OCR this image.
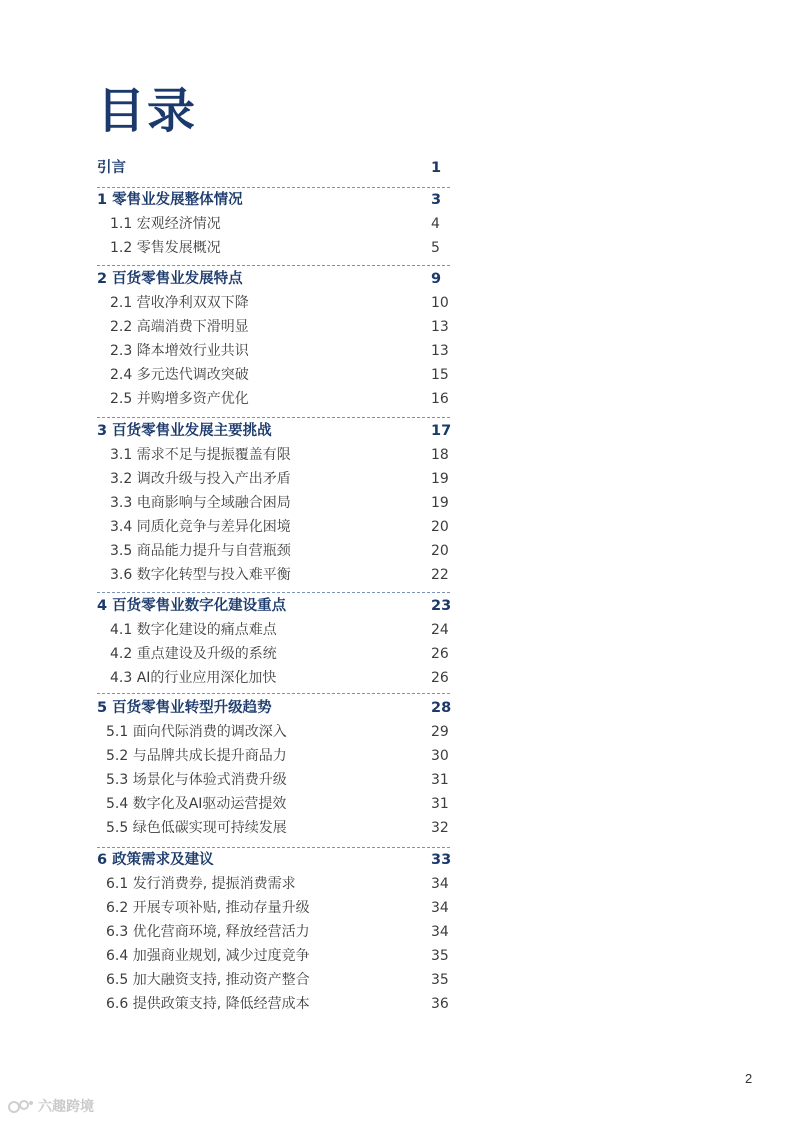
目录
引言	1
1 零售业发展整体情况	3
1.1 宏观经济情况	4
1.2 零售发展概况	5
2 百货零售业发展特点	9
2.1 营收净利双双下降	10
2.2 高端消费下滑明显	13
2.3 降本增效行业共识	13
2.4 多元迭代调改突破	15
2.5 并购增多资产优化	16
3 百货零售业发展主要挑战	17
3.1 需求不足与提振覆盖有限	18
3.2 调改升级与投入产出矛盾	19
3.3 电商影响与全域融合困局	19
3.4 同质化竞争与差异化困境	20
3.5 商品能力提升与自营瓶颈	20
3.6 数字化转型与投入难平衡	22
4 百货零售业数字化建设重点	23
4.1 数字化建设的痛点难点	24
4.2 重点建设及升级的系统	26
4.3 AI的行业应用深化加快	26
5 百货零售业转型升级趋势	28
5.1 面向代际消费的调改深入	29
5.2 与品牌共成长提升商品力	30
5.3 场景化与体验式消费升级	31
5.4 数字化及AI驱动运营提效	31
5.5 绿色低碳实现可持续发展	32
6 政策需求及建议	33
6.1 发行消费券, 提振消费需求	34
6.2 开展专项补贴, 推动存量升级	34
6.3 优化营商环境, 释放经营活力	34
6.4 加强商业规划, 减少过度竞争	35
6.5 加大融资支持, 推动资产整合	35
6.6 提供政策支持, 降低经营成本	36
2
六趣跨境
